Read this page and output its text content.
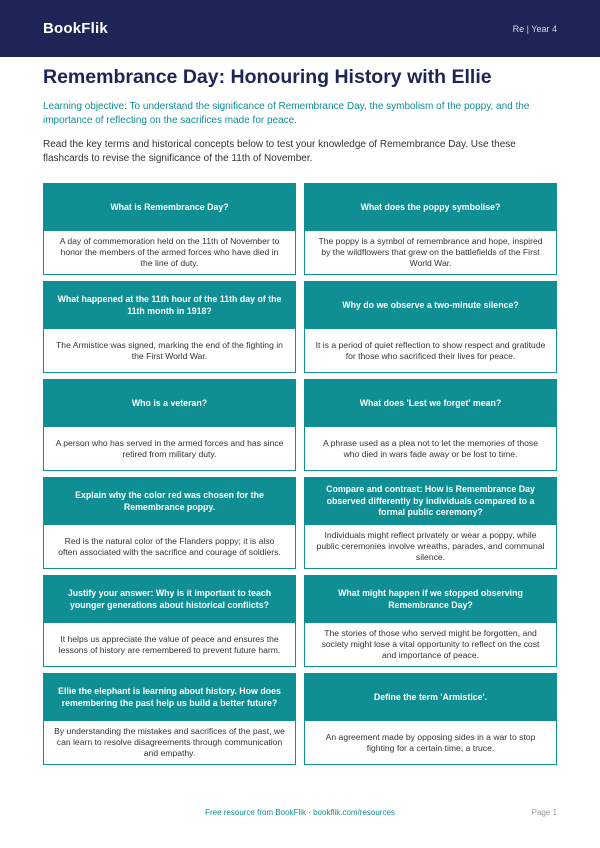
BookFlik	Re | Year 4
Remembrance Day: Honouring History with Ellie

Learning objective: To understand the significance of Remembrance Day, the symbolism of the poppy, and the importance of reflecting on the sacrifices made for peace.

Read the key terms and historical concepts below to test your knowledge of Remembrance Day. Use these flashcards to revise the significance of the 11th of November.

What is Remembrance Day?
A day of commemoration held on the 11th of November to honor the members of the armed forces who have died in the line of duty.
What does the poppy symbolise?
The poppy is a symbol of remembrance and hope, inspired by the wildflowers that grew on the battlefields of the First World War.
What happened at the 11th hour of the 11th day of the 11th month in 1918?
The Armistice was signed, marking the end of the fighting in the First World War.
Why do we observe a two-minute silence?
It is a period of quiet reflection to show respect and gratitude for those who sacrificed their lives for peace.
Who is a veteran?
A person who has served in the armed forces and has since retired from military duty.
What does 'Lest we forget' mean?
A phrase used as a plea not to let the memories of those who died in wars fade away or be lost to time.
Explain why the color red was chosen for the Remembrance poppy.
Red is the natural color of the Flanders poppy; it is also often associated with the sacrifice and courage of soldiers.
Compare and contrast: How is Remembrance Day observed differently by individuals compared to a formal public ceremony?
Individuals might reflect privately or wear a poppy, while public ceremonies involve wreaths, parades, and communal silence.
Justify your answer: Why is it important to teach younger generations about historical conflicts?
It helps us appreciate the value of peace and ensures the lessons of history are remembered to prevent future harm.
What might happen if we stopped observing Remembrance Day?
The stories of those who served might be forgotten, and society might lose a vital opportunity to reflect on the cost and importance of peace.
Ellie the elephant is learning about history. How does remembering the past help us build a better future?
By understanding the mistakes and sacrifices of the past, we can learn to resolve disagreements through communication and empathy.
Define the term 'Armistice'.
An agreement made by opposing sides in a war to stop fighting for a certain time; a truce.
Free resource from BookFlik · bookflik.com/resources	Page 1
